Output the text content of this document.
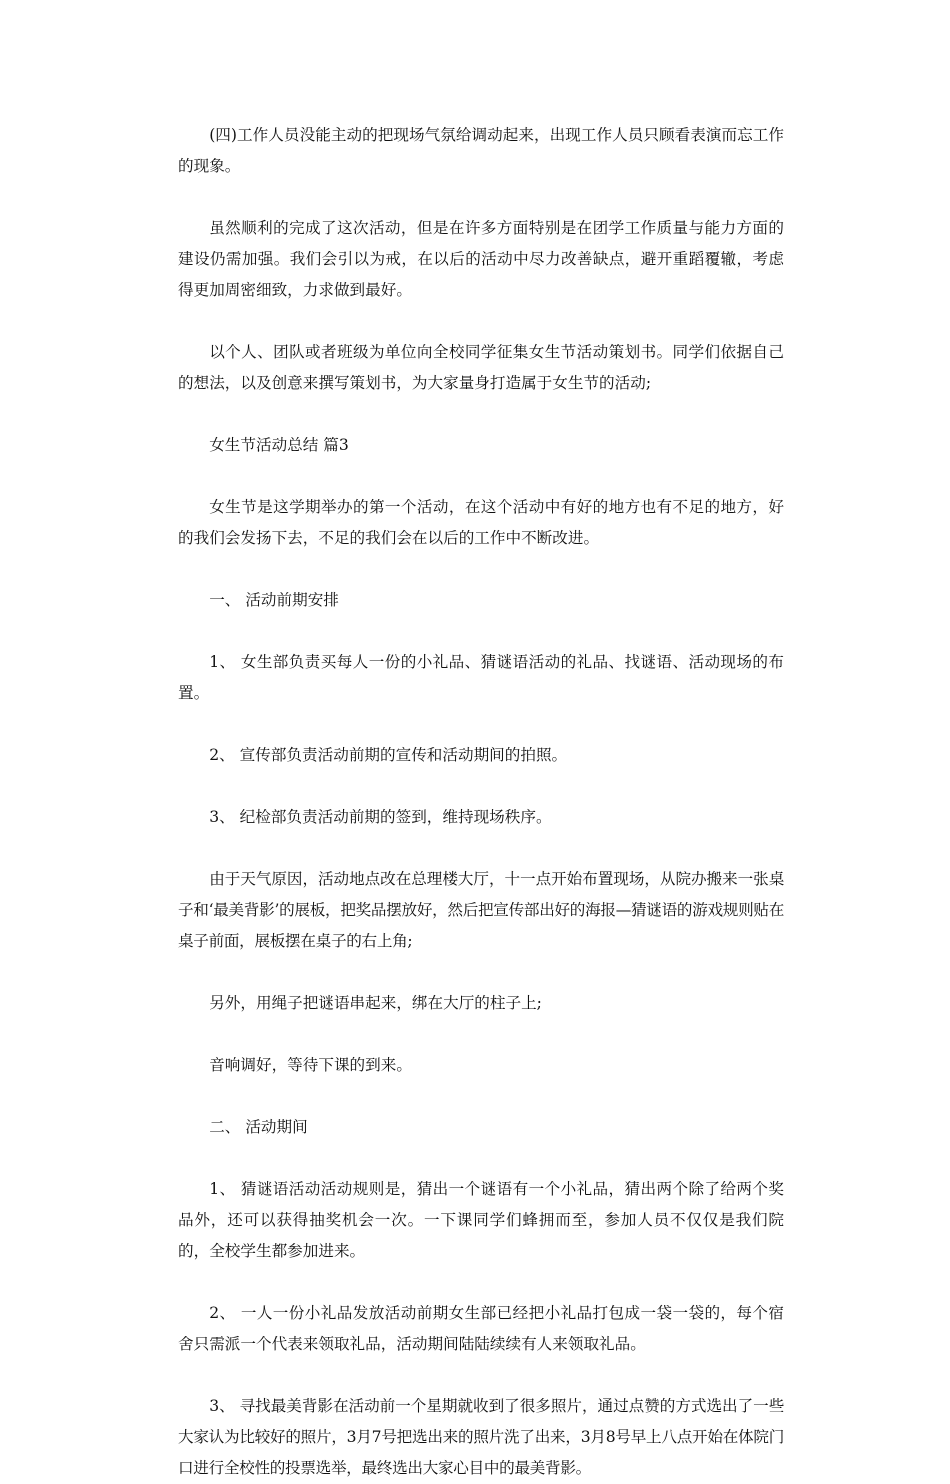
(四)工作人员没能主动的把现场气氛给调动起来，出现工作人员只顾看表演而忘工作的现象。

虽然顺利的完成了这次活动，但是在许多方面特别是在团学工作质量与能力方面的建设仍需加强。我们会引以为戒，在以后的活动中尽力改善缺点，避开重蹈覆辙，考虑得更加周密细致，力求做到最好。

以个人、团队或者班级为单位向全校同学征集女生节活动策划书。同学们依据自己的想法，以及创意来撰写策划书，为大家量身打造属于女生节的活动;

女生节活动总结 篇3

女生节是这学期举办的第一个活动，在这个活动中有好的地方也有不足的地方，好的我们会发扬下去，不足的我们会在以后的工作中不断改进。

一、 活动前期安排

1、 女生部负责买每人一份的小礼品、猜谜语活动的礼品、找谜语、活动现场的布置。

2、 宣传部负责活动前期的宣传和活动期间的拍照。

3、 纪检部负责活动前期的签到，维持现场秩序。

由于天气原因，活动地点改在总理楼大厅，十一点开始布置现场，从院办搬来一张桌子和‘最美背影’的展板，把奖品摆放好，然后把宣传部出好的海报—猜谜语的游戏规则贴在桌子前面，展板摆在桌子的右上角;

另外，用绳子把谜语串起来，绑在大厅的柱子上;

音响调好，等待下课的到来。

二、 活动期间

1、 猜谜语活动活动规则是，猜出一个谜语有一个小礼品，猜出两个除了给两个奖品外，还可以获得抽奖机会一次。一下课同学们蜂拥而至，参加人员不仅仅是我们院的，全校学生都参加进来。

2、 一人一份小礼品发放活动前期女生部已经把小礼品打包成一袋一袋的，每个宿舍只需派一个代表来领取礼品，活动期间陆陆续续有人来领取礼品。

3、 寻找最美背影在活动前一个星期就收到了很多照片，通过点赞的方式选出了一些大家认为比较好的照片，3月7号把选出来的照片洗了出来，3月8号早上八点开始在体院门口进行全校性的投票选举，最终选出大家心目中的最美背影。
